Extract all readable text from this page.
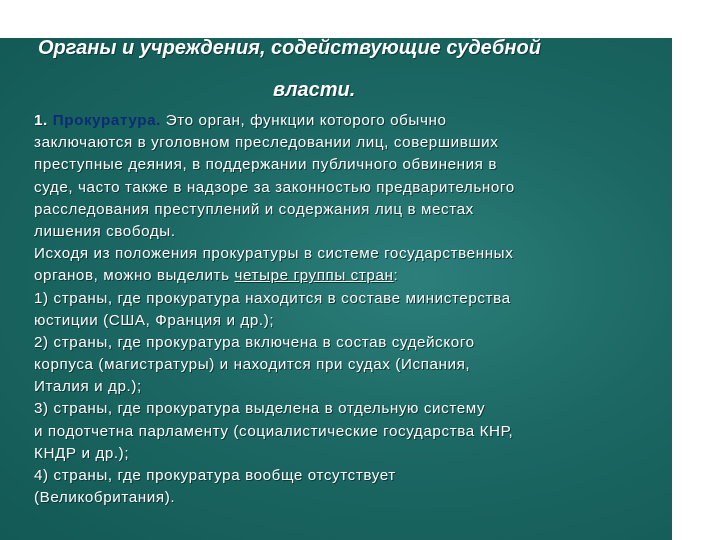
Органы и учреждения, содействующие судебной
власти.
1. Прокуратура. Это орган, функции которого обычно
заключаются в уголовном преследовании лиц, совершивших
преступные деяния, в поддержании публичного обвинения в
суде, часто также в надзоре за законностью предварительного
расследования преступлений и содержания лиц в местах
лишения свободы.
Исходя из положения прокуратуры в системе государственных
органов, можно выделить четыре группы стран:
1) страны, где прокуратура находится в составе министерства
юстиции (США, Франция и др.);
2) страны, где прокуратура включена в состав судейского
корпуса (магистратуры) и находится при судах (Испания,
Италия и др.);
3) страны, где прокуратура выделена в отдельную систему
и подотчетна парламенту (социалистические государства КНР,
КНДР и др.);
4) страны, где прокуратура вообще отсутствует
(Великобритания).
